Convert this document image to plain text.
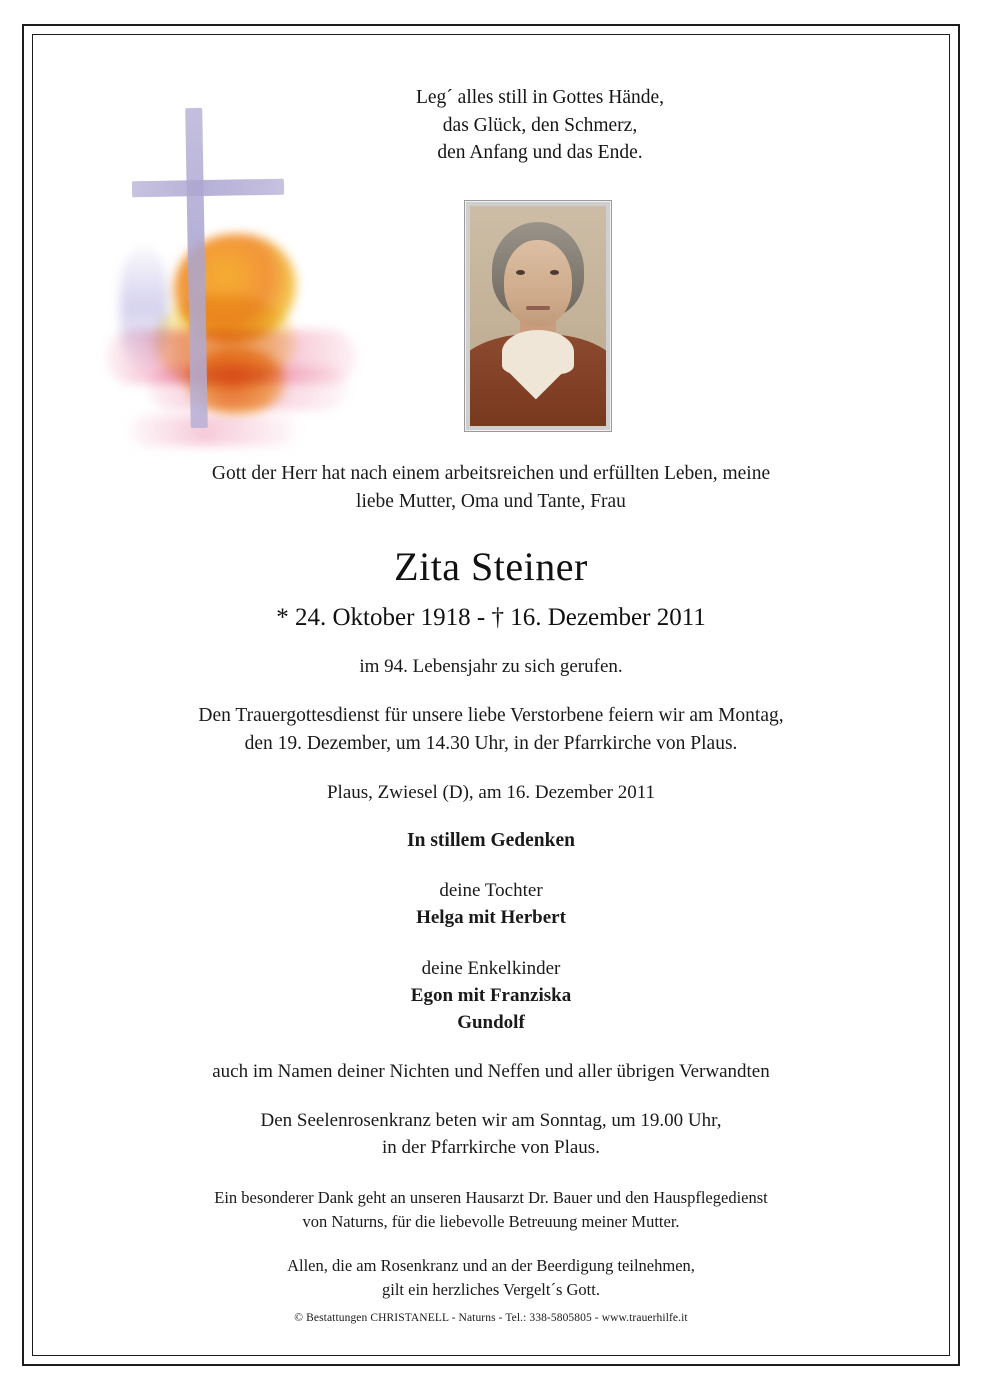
Leg´ alles still in Gottes Hände,
das Glück, den Schmerz,
den Anfang und das Ende.
Gott der Herr hat nach einem arbeitsreichen und erfüllten Leben, meine
liebe Mutter, Oma und Tante, Frau
Zita Steiner
* 24. Oktober 1918 - † 16. Dezember 2011
im 94. Lebensjahr zu sich gerufen.
Den Trauergottesdienst für unsere liebe Verstorbene feiern wir am Montag,
den 19. Dezember, um 14.30 Uhr, in der Pfarrkirche von Plaus.
Plaus, Zwiesel (D), am 16. Dezember 2011
In stillem Gedenken
deine Tochter
Helga mit Herbert
deine Enkelkinder
Egon mit Franziska
Gundolf
auch im Namen deiner Nichten und Neffen und aller übrigen Verwandten
Den Seelenrosenkranz beten wir am Sonntag, um 19.00 Uhr,
in der Pfarrkirche von Plaus.
Ein besonderer Dank geht an unseren Hausarzt Dr. Bauer und den Hauspflegedienst
von Naturns, für die liebevolle Betreuung meiner Mutter.
Allen, die am Rosenkranz und an der Beerdigung teilnehmen,
gilt ein herzliches Vergelt´s Gott.
© Bestattungen CHRISTANELL - Naturns - Tel.: 338-5805805 - www.trauerhilfe.it
